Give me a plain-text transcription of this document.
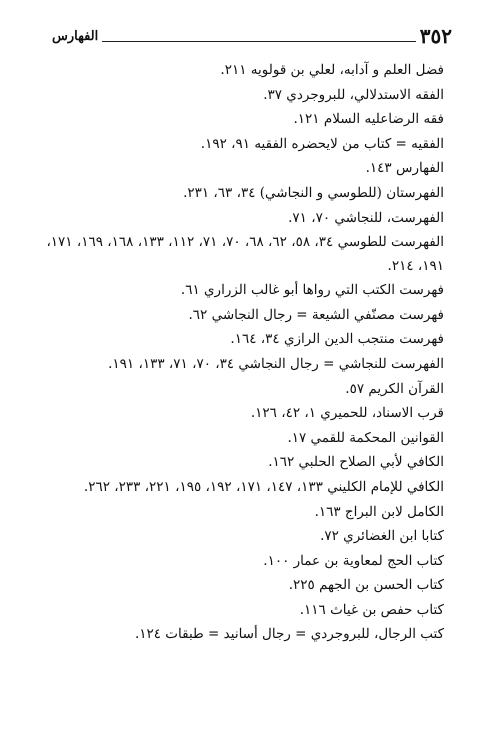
الفهارس	٣٥٢
فضل العلم و آدابه، لعلي بن قولويه ٢١١.
الفقه الاستدلالي، للبروجردي ٣٧.
فقه الرضاعليه السلام ١٢١.
الفقيه = كتاب من لايحضره الفقيه ٩١، ١٩٢.
الفهارس ١٤٣.
الفهرستان (للطوسي و النجاشي) ٣٤، ٦٣، ٢٣١.
الفهرست، للنجاشي ٧٠، ٧١.
الفهرست للطوسي ٣٤، ٥٨، ٦٢، ٦٨، ٧٠، ٧١، ١١٢، ١٣٣، ١٦٨، ١٦٩، ١٧١، ١٩١، ٢١٤.
فهرست الكتب التي رواها أبو غالب الزراري ٦١.
فهرست مصنّفي الشيعة = رجال النجاشي ٦٢.
فهرست منتجب الدين الرازي ٣٤، ١٦٤.
الفهرست للنجاشي = رجال النجاشي ٣٤، ٧٠، ٧١، ١٣٣، ١٩١.
القرآن الكريم ٥٧.
قرب الاسناد، للحميري ١، ٤٢، ١٢٦.
القوانين المحكمة للقمي ١٧.
الكافي لأبي الصلاح الحلبي ١٦٢.
الكافي للإمام الكليني ١٣٣، ١٤٧، ١٧١، ١٩٢، ١٩٥، ٢٢١، ٢٣٣، ٢٦٢.
الكامل لابن البراج ١٦٣.
كتابا ابن الغضائري ٧٢.
كتاب الحج لمعاوية بن عمار ١٠٠.
كتاب الحسن بن الجهم ٢٢٥.
كتاب حفص بن غياث ١١٦.
كتب الرجال، للبروجردي = رجال أسانيد = طبقات ١٢٤.
